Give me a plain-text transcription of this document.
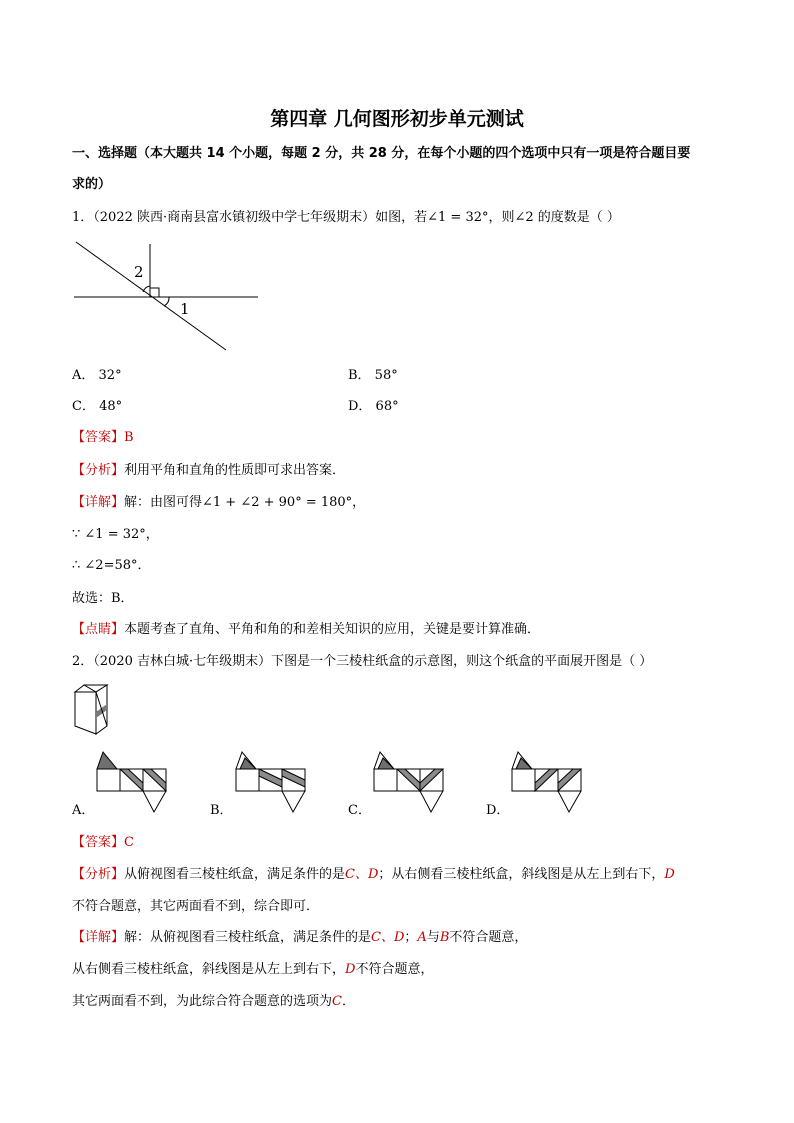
第四章 几何图形初步单元测试
一、选择题（本大题共 14 个小题，每题 2 分，共 28 分，在每个小题的四个选项中只有一项是符合题目要
求的）
1．（2022 陕西·商南县富水镇初级中学七年级期末）如图，若∠1 = 32°，则∠2 的度数是（ ）
2
1
A． 32°	B． 58°
C． 48°	D． 68°
【答案】B
【分析】利用平角和直角的性质即可求出答案．
【详解】解：由图可得∠1 + ∠2 + 90° = 180°，
∵ ∠1 = 32°，
∴ ∠2=58°．
故选：B．
【点睛】本题考查了直角、平角和角的和差相关知识的应用，关键是要计算准确．
2．（2020 吉林白城·七年级期末）下图是一个三棱柱纸盒的示意图，则这个纸盒的平面展开图是（ ）
A．	B．	C．	D．
【答案】C
【分析】从俯视图看三棱柱纸盒，满足条件的是C、D；从右侧看三棱柱纸盒，斜线图是从左上到右下，D
不符合题意，其它两面看不到，综合即可．
【详解】解：从俯视图看三棱柱纸盒，满足条件的是C、D；A与B不符合题意，
从右侧看三棱柱纸盒，斜线图是从左上到右下，D不符合题意，
其它两面看不到，为此综合符合题意的选项为C．
